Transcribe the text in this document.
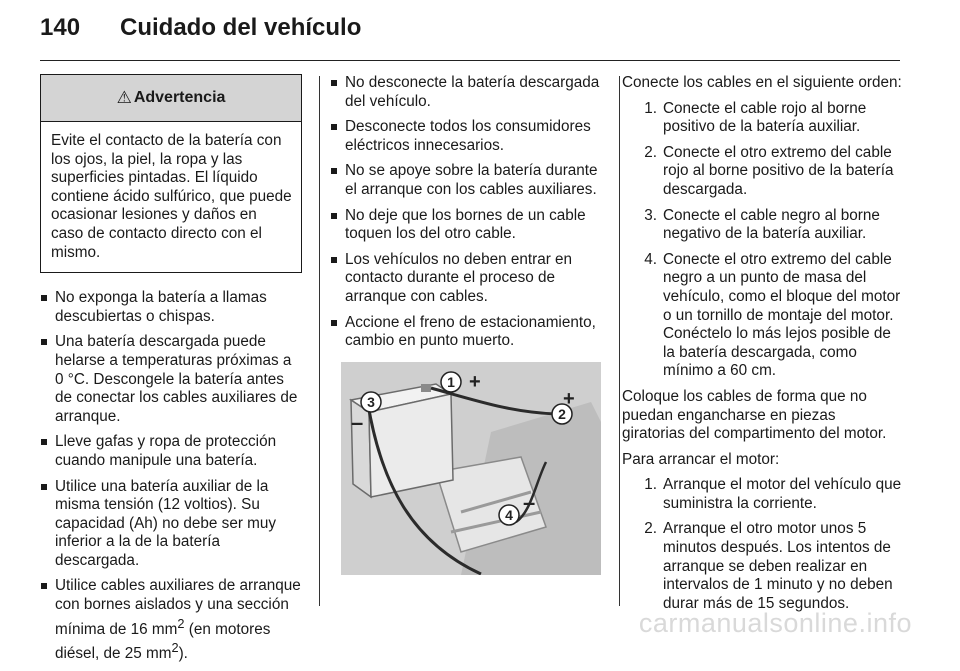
140	Cuidado del vehículo
⚠ Advertencia
Evite el contacto de la batería con los ojos, la piel, la ropa y las superficies pintadas. El líquido contiene ácido sulfúrico, que puede ocasionar lesiones y daños en caso de contacto directo con el mismo.
No exponga la batería a llamas descubiertas o chispas.
Una batería descargada puede helarse a temperaturas próximas a 0 °C. Descongele la batería antes de conectar los cables auxiliares de arranque.
Lleve gafas y ropa de protección cuando manipule una batería.
Utilice una batería auxiliar de la misma tensión (12 voltios). Su capacidad (Ah) no debe ser muy inferior a la de la batería descargada.
Utilice cables auxiliares de arranque con bornes aislados y una sección mínima de 16 $mm^2$ (en motores diésel, de 25 $mm^2$).
No desconecte la batería descargada del vehículo.
Desconecte todos los consumidores eléctricos innecesarios.
No se apoye sobre la batería durante el arranque con los cables auxiliares.
No deje que los bornes de un cable toquen los del otro cable.
Los vehículos no deben entrar en contacto durante el proceso de arranque con cables.
Accione el freno de estacionamiento, cambio en punto muerto.
1 +
2
+
3
–
4 –

Conecte los cables en el siguiente orden:

1. Conecte el cable rojo al borne positivo de la batería auxiliar.
2. Conecte el otro extremo del cable rojo al borne positivo de la batería descargada.
3. Conecte el cable negro al borne negativo de la batería auxiliar.
4. Conecte el otro extremo del cable negro a un punto de masa del vehículo, como el bloque del motor o un tornillo de montaje del motor. Conéctelo lo más lejos posible de la batería descargada, como mínimo a 60 cm.

Coloque los cables de forma que no puedan engancharse en piezas giratorias del compartimento del motor.

Para arrancar el motor:

1. Arranque el motor del vehículo que suministra la corriente.
2. Arranque el otro motor unos 5 minutos después. Los intentos de arranque se deben realizar en intervalos de 1 minuto y no deben durar más de 15 segundos.
carmanualsonline.info
